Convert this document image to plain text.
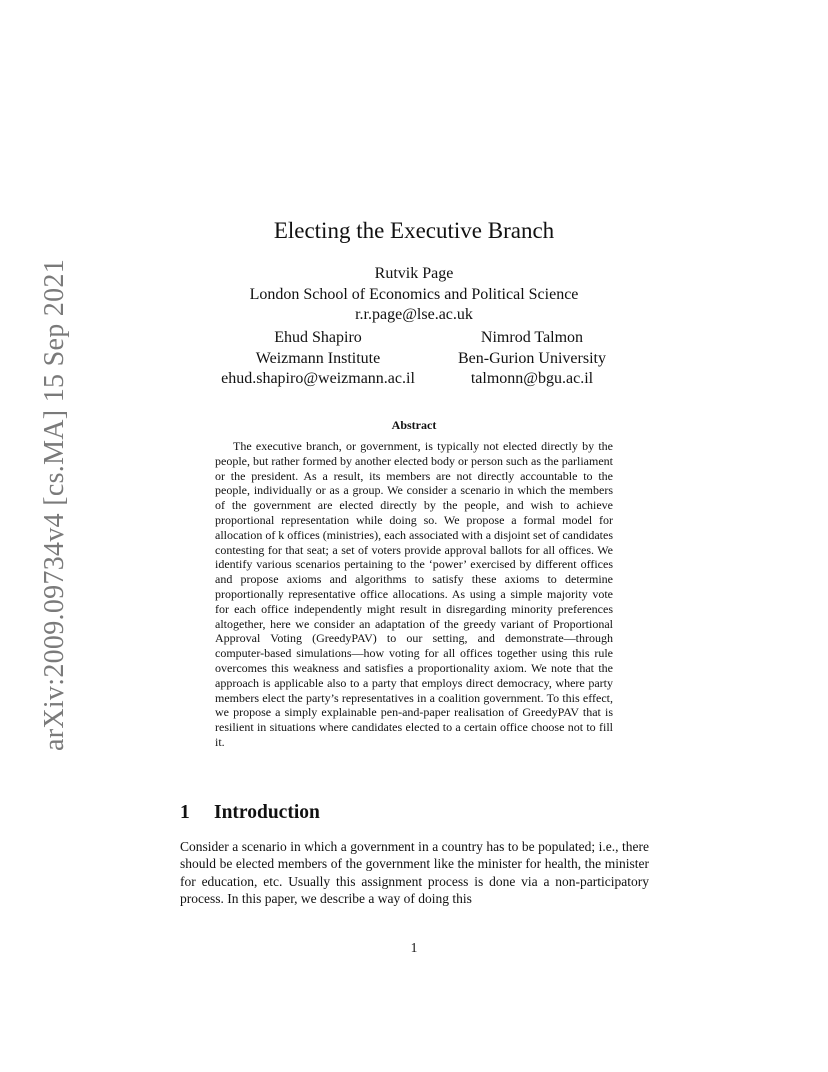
arXiv:2009.09734v4 [cs.MA] 15 Sep 2021
Electing the Executive Branch
Rutvik Page
London School of Economics and Political Science
r.r.page@lse.ac.uk
Ehud Shapiro
Weizmann Institute
ehud.shapiro@weizmann.ac.il
Nimrod Talmon
Ben-Gurion University
talmonn@bgu.ac.il
Abstract
The executive branch, or government, is typically not elected directly by the people, but rather formed by another elected body or person such as the parliament or the president. As a result, its members are not directly accountable to the people, individually or as a group. We consider a scenario in which the members of the government are elected directly by the people, and wish to achieve proportional representation while doing so. We propose a formal model for allocation of k offices (ministries), each associated with a disjoint set of candidates contesting for that seat; a set of voters provide approval ballots for all offices. We identify various scenarios pertaining to the ‘power’ exercised by different offices and propose axioms and algorithms to satisfy these axioms to determine proportionally representative office allocations. As using a simple majority vote for each office independently might result in disregarding minority preferences altogether, here we consider an adaptation of the greedy variant of Proportional Approval Voting (GreedyPAV) to our setting, and demonstrate—through computer-based simulations—how voting for all offices together using this rule overcomes this weakness and satisfies a proportionality axiom. We note that the approach is applicable also to a party that employs direct democracy, where party members elect the party’s representatives in a coalition government. To this effect, we propose a simply explainable pen-and-paper realisation of GreedyPAV that is resilient in situations where candidates elected to a certain office choose not to fill it.
1 Introduction
Consider a scenario in which a government in a country has to be populated; i.e., there should be elected members of the government like the minister for health, the minister for education, etc. Usually this assignment process is done via a non-participatory process. In this paper, we describe a way of doing this
1
